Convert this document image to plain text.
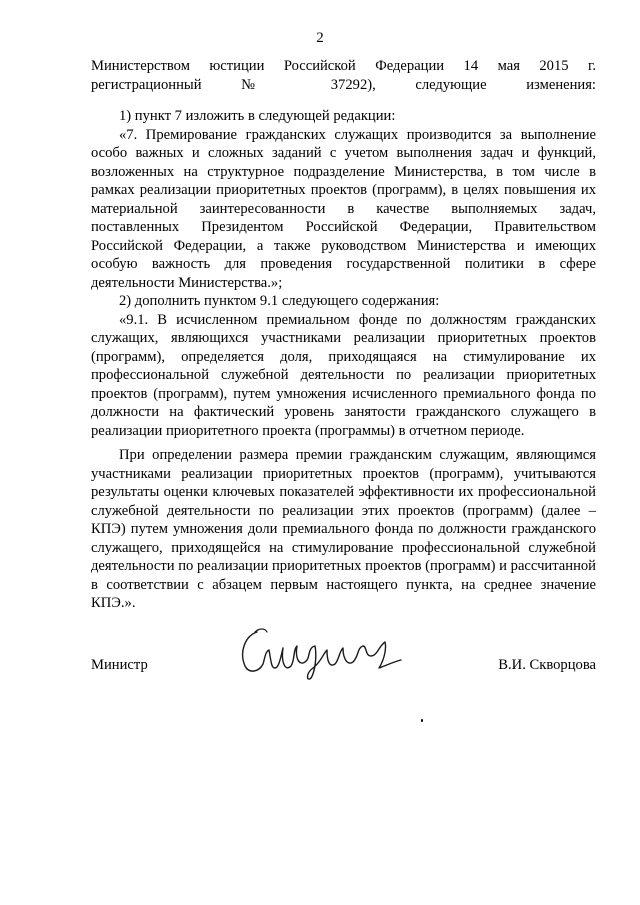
2

Министерством юстиции Российской Федерации 14 мая 2015 г. регистрационный № 37292), следующие изменения:

1) пункт 7 изложить в следующей редакции:

«7. Премирование гражданских служащих производится за выполнение особо важных и сложных заданий с учетом выполнения задач и функций, возложенных на структурное подразделение Министерства, в том числе в рамках реализации приоритетных проектов (программ), в целях повышения их материальной заинтересованности в качестве выполняемых задач, поставленных Президентом Российской Федерации, Правительством Российской Федерации, а также руководством Министерства и имеющих особую важность для проведения государственной политики в сфере деятельности Министерства.»;

2) дополнить пунктом 9.1 следующего содержания:

«9.1. В исчисленном премиальном фонде по должностям гражданских служащих, являющихся участниками реализации приоритетных проектов (программ), определяется доля, приходящаяся на стимулирование их профессиональной служебной деятельности по реализации приоритетных проектов (программ), путем умножения исчисленного премиального фонда по должности на фактический уровень занятости гражданского служащего в реализации приоритетного проекта (программы) в отчетном периоде.

При определении размера премии гражданским служащим, являющимся участниками реализации приоритетных проектов (программ), учитываются результаты оценки ключевых показателей эффективности их профессиональной служебной деятельности по реализации этих проектов (программ) (далее – КПЭ) путем умножения доли премиального фонда по должности гражданского служащего, приходящейся на стимулирование профессиональной служебной деятельности по реализации приоритетных проектов (программ) и рассчитанной в соответствии с абзацем первым настоящего пункта, на среднее значение КПЭ.».

Министр	В.И. Скворцова
